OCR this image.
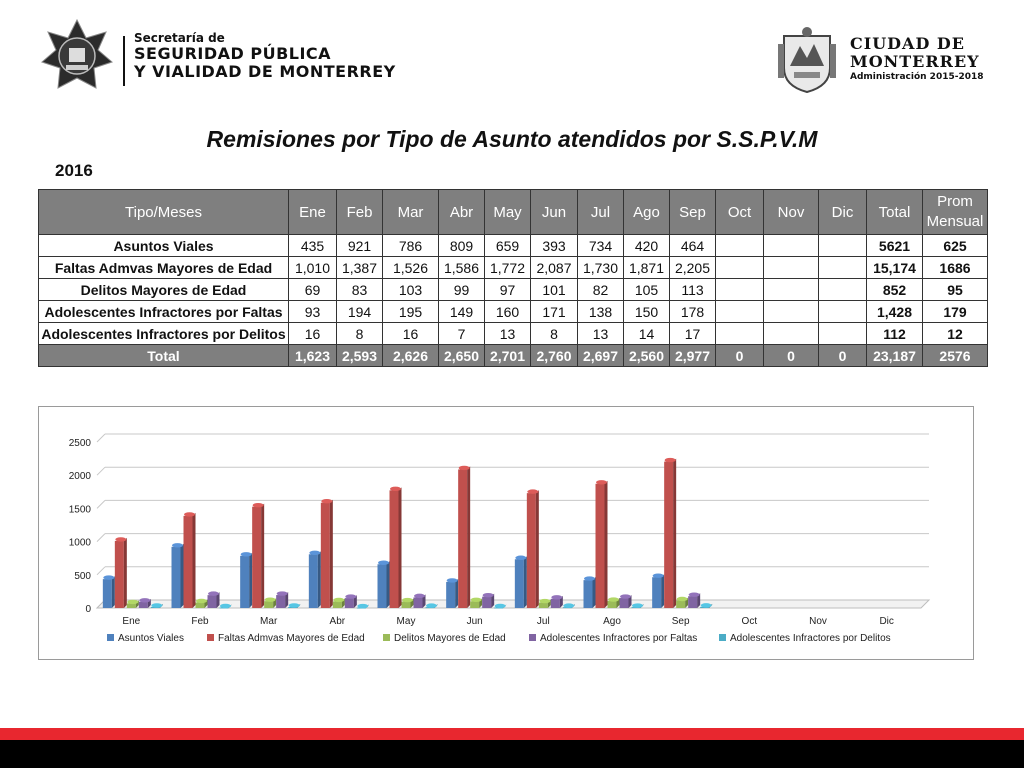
Secretaría de
SEGURIDAD PÚBLICA
Y VIALIDAD DE MONTERREY
CIUDAD DE
MONTERREY
Administración 2015-2018
Remisiones por Tipo de Asunto atendidos por S.S.P.V.M
2016
Tipo/Meses	Ene	Feb	Mar	Abr	May	Jun	Jul	Ago	Sep	Oct	Nov	Dic	Total	Prom Mensual
Asuntos Viales	435	921	786	809	659	393	734	420	464				5621	625
Faltas Admvas Mayores de Edad	1,010	1,387	1,526	1,586	1,772	2,087	1,730	1,871	2,205				15,174	1686
Delitos Mayores de Edad	69	83	103	99	97	101	82	105	113				852	95
Adolescentes Infractores por Faltas	93	194	195	149	160	171	138	150	178				1,428	179
Adolescentes Infractores por Delitos	16	8	16	7	13	8	13	14	17				112	12
Total	1,623	2,593	2,626	2,650	2,701	2,760	2,697	2,560	2,977	0	0	0	23,187	2576
0
500
1000
1500
2000
2500
Ene	Feb	Mar	Abr	May	Jun	Jul	Ago	Sep	Oct	Nov	Dic
Asuntos Viales	Faltas Admvas Mayores de Edad	Delitos Mayores de Edad	Adolescentes Infractores por Faltas	Adolescentes Infractores por Delitos
